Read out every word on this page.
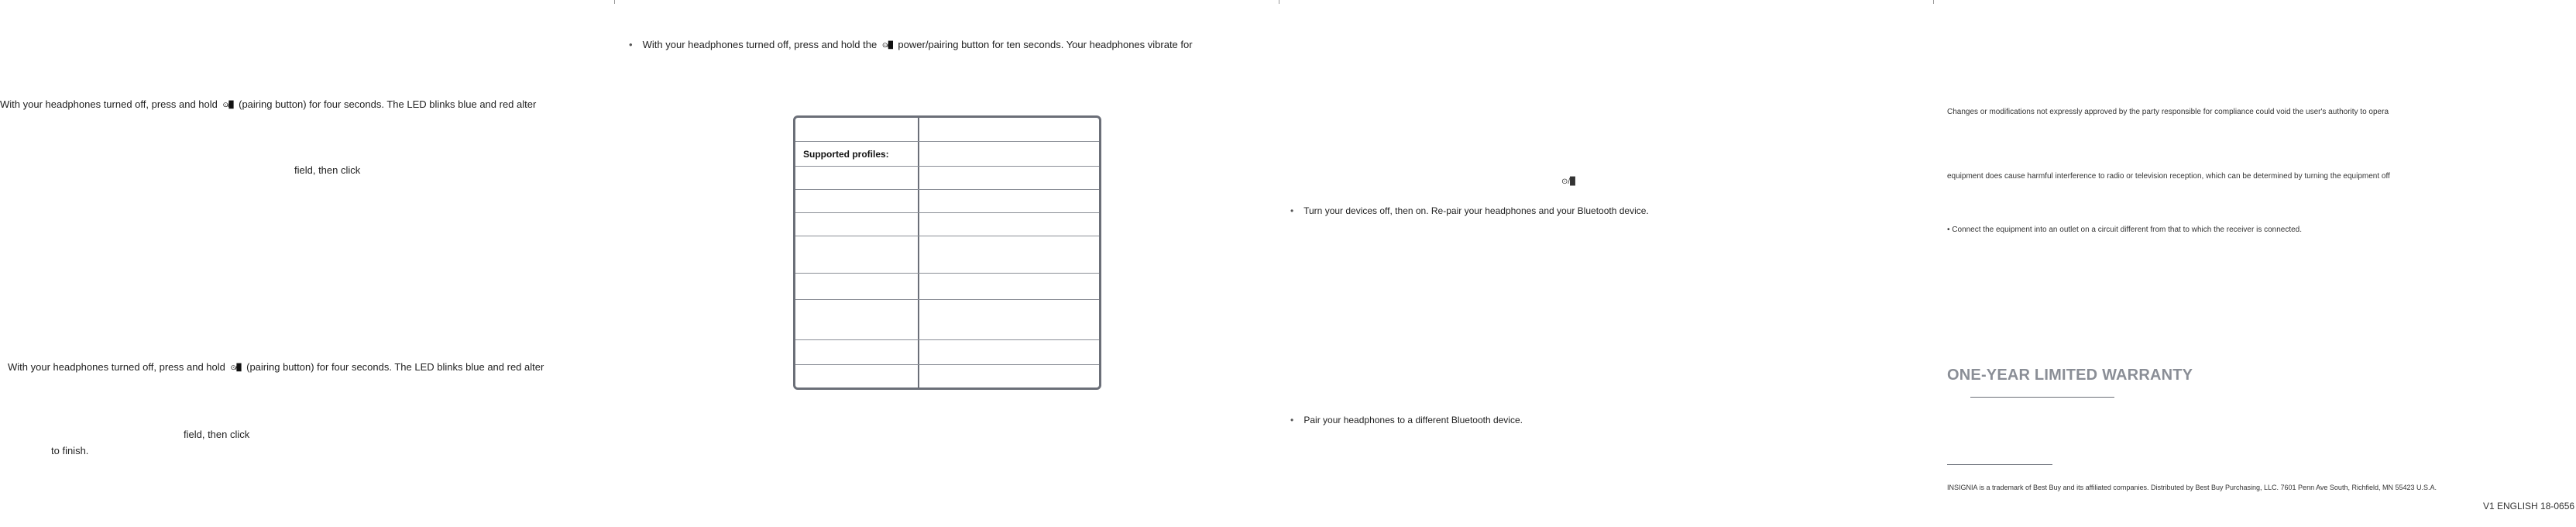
With your headphones turned off, press and hold ⊙/▉ (pairing button) for four seconds. The LED blinks blue and red alter
field, then click
With your headphones turned off, press and hold ⊙/▉ (pairing button) for four seconds. The LED blinks blue and red alter
field, then click
to finish.
• With your headphones turned off, press and hold the ⊙/▉ power/pairing button for ten seconds. Your headphones vibrate for
Supported profiles:
⊙/▉
• Turn your devices off, then on. Re-pair your headphones and your Bluetooth device.
• Pair your headphones to a different Bluetooth device.
Changes or modifications not expressly approved by the party responsible for compliance could void the user's authority to opera
equipment does cause harmful interference to radio or television reception, which can be determined by turning the equipment off
• Connect the equipment into an outlet on a circuit different from that to which the receiver is connected.
ONE-YEAR LIMITED WARRANTY
INSIGNIA is a trademark of Best Buy and its affiliated companies. Distributed by Best Buy Purchasing, LLC. 7601 Penn Ave South, Richfield, MN 55423 U.S.A.
V1 ENGLISH 18-0656
